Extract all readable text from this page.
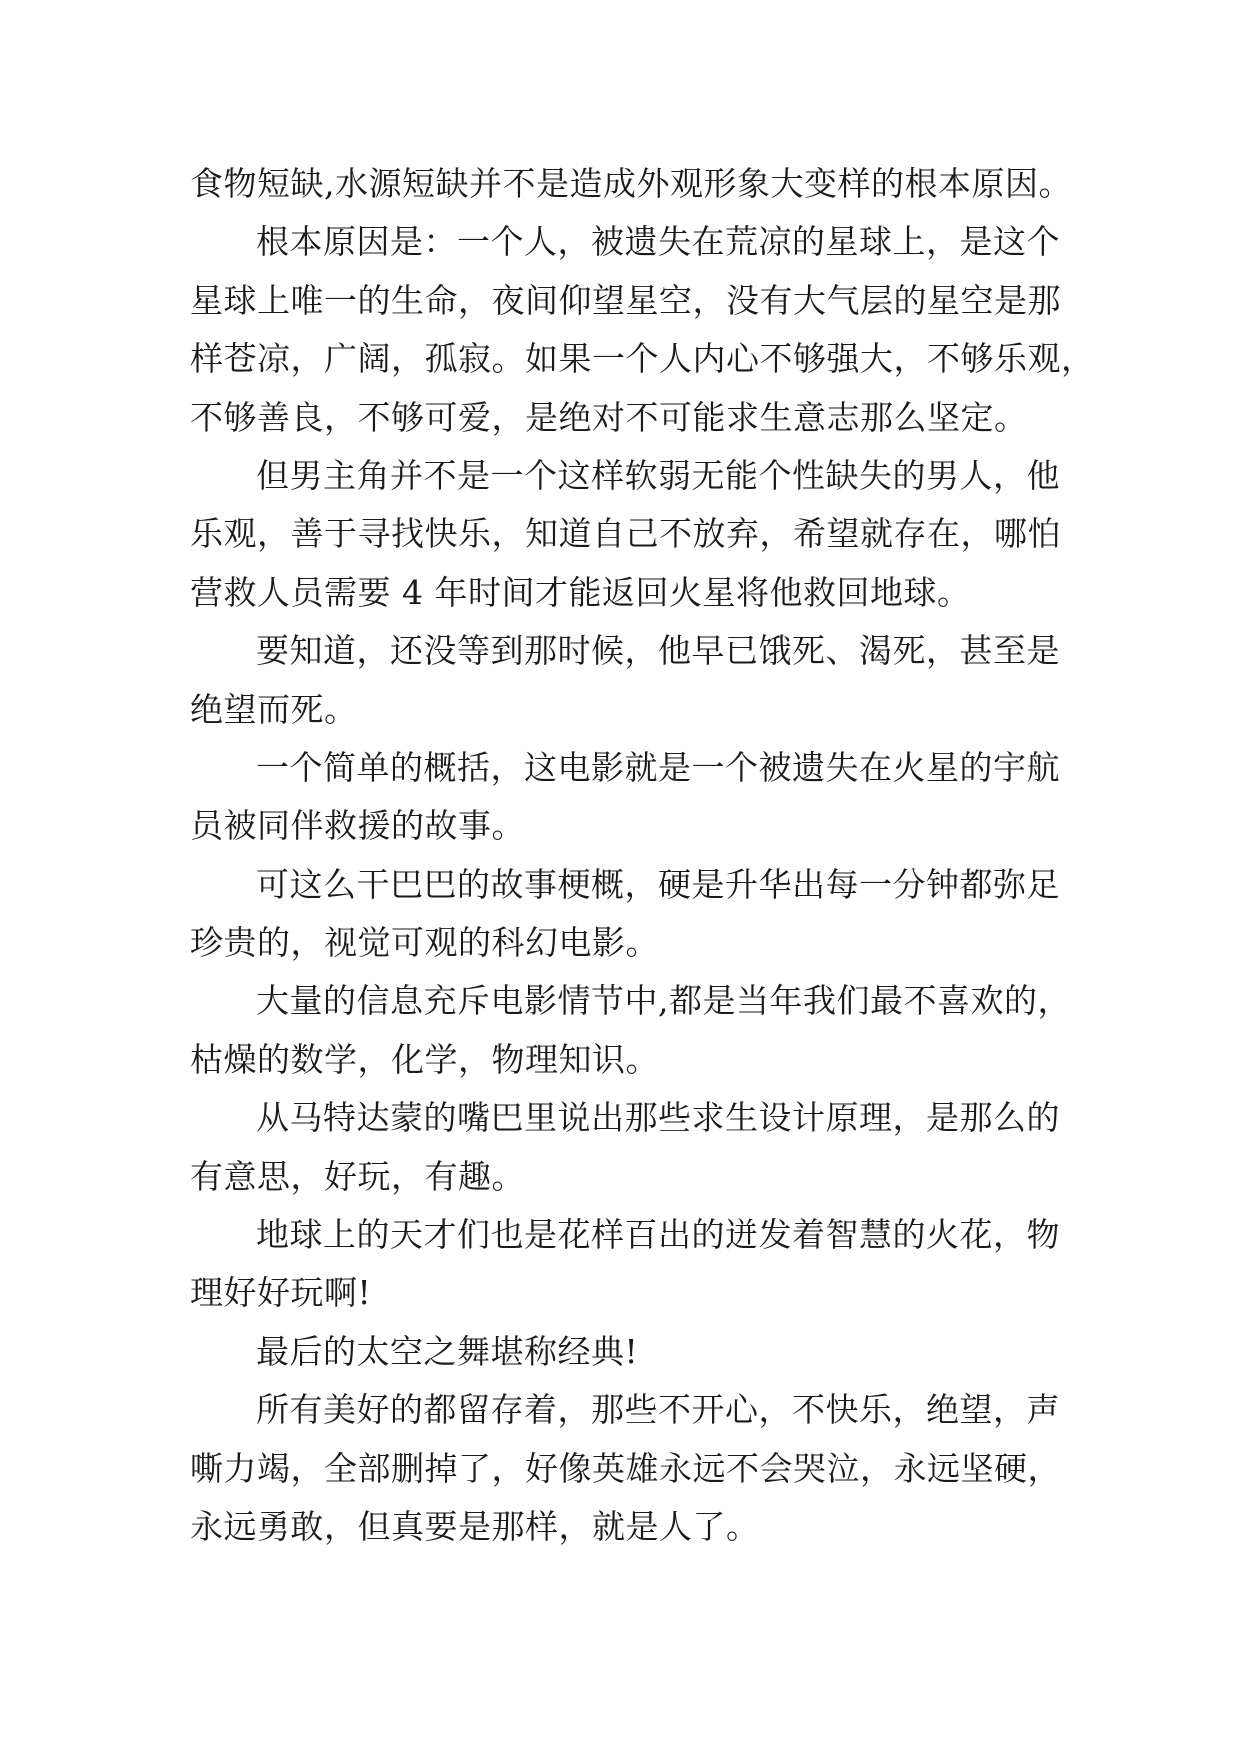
食物短缺,水源短缺并不是造成外观形象大变样的根本原因。
根本原因是：一个人，被遗失在荒凉的星球上，是这个
星球上唯一的生命，夜间仰望星空，没有大气层的星空是那
样苍凉，广阔，孤寂。如果一个人内心不够强大，不够乐观，
不够善良，不够可爱，是绝对不可能求生意志那么坚定。
但男主角并不是一个这样软弱无能个性缺失的男人，他
乐观，善于寻找快乐，知道自己不放弃，希望就存在，哪怕
营救人员需要 4 年时间才能返回火星将他救回地球。
要知道，还没等到那时候，他早已饿死、渴死，甚至是
绝望而死。
一个简单的概括，这电影就是一个被遗失在火星的宇航
员被同伴救援的故事。
可这么干巴巴的故事梗概，硬是升华出每一分钟都弥足
珍贵的，视觉可观的科幻电影。
大量的信息充斥电影情节中,都是当年我们最不喜欢的，
枯燥的数学，化学，物理知识。
从马特达蒙的嘴巴里说出那些求生设计原理，是那么的
有意思，好玩，有趣。
地球上的天才们也是花样百出的迸发着智慧的火花，物
理好好玩啊!
最后的太空之舞堪称经典!
所有美好的都留存着，那些不开心，不快乐，绝望，声
嘶力竭，全部删掉了，好像英雄永远不会哭泣，永远坚硬，
永远勇敢，但真要是那样，就是人了。
